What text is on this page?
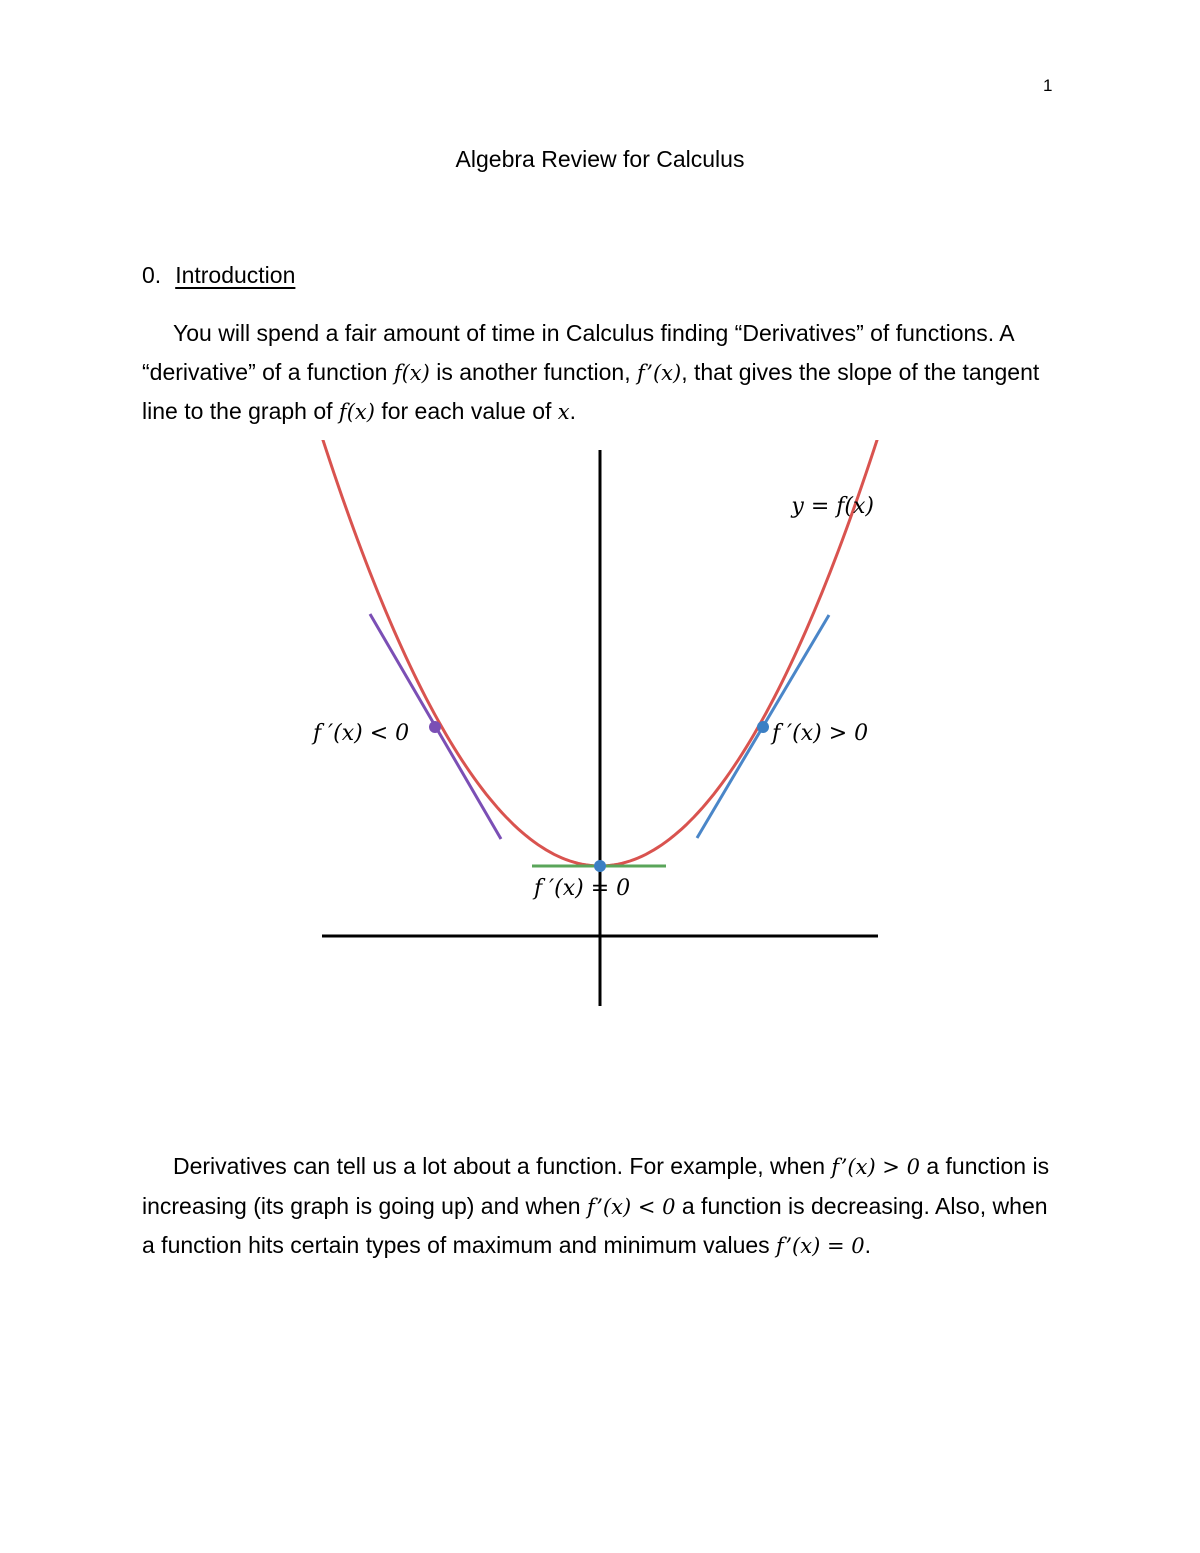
1
Algebra Review for Calculus
0. Introduction

You will spend a fair amount of time in Calculus finding “Derivatives” of functions. A “derivative” of a function f(x) is another function, f’(x), that gives the slope of the tangent line to the graph of f(x) for each value of x.

y = f(x)
f ′(x) < 0	f ′(x) > 0
f ′(x) = 0

Derivatives can tell us a lot about a function. For example, when f’(x) > 0 a function is increasing (its graph is going up) and when f’(x) < 0 a function is decreasing. Also, when a function hits certain types of maximum and minimum values f’(x) = 0.
